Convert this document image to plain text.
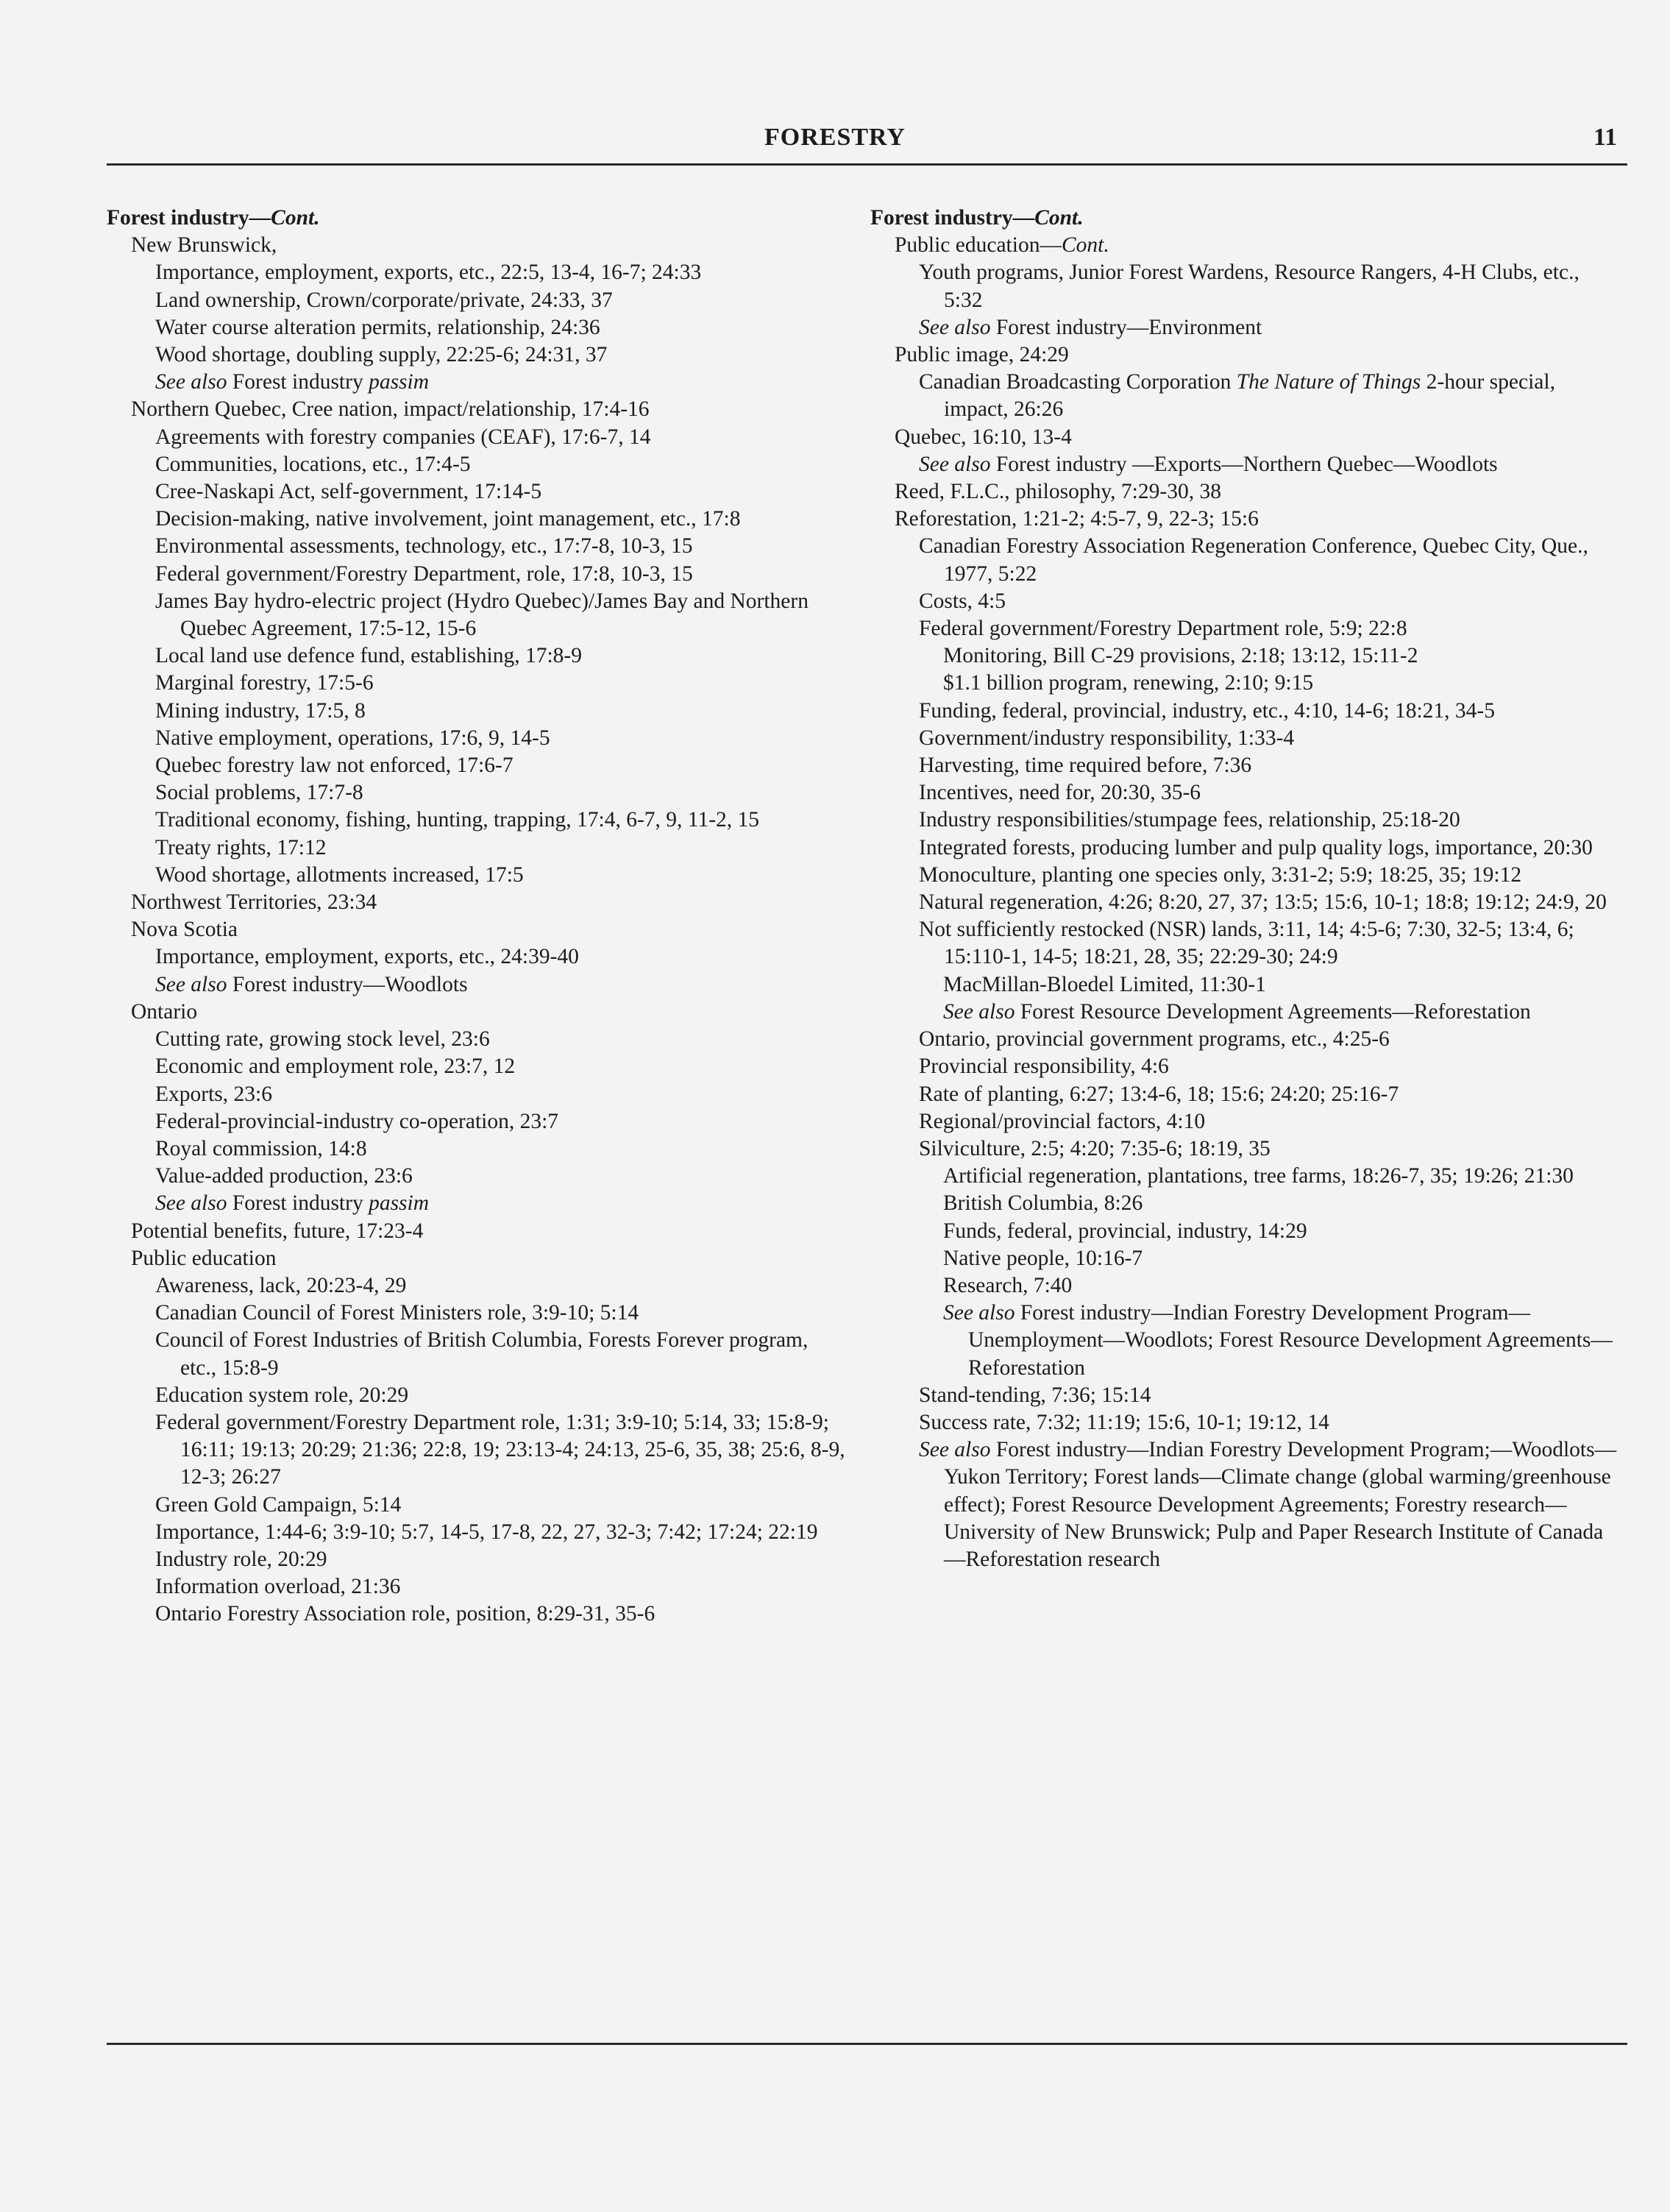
FORESTRY	11
Forest industry—Cont.
New Brunswick,
Importance, employment, exports, etc., 22:5, 13-4, 16-7; 24:33
Land ownership, Crown/corporate/private, 24:33, 37
Water course alteration permits, relationship, 24:36
Wood shortage, doubling supply, 22:25-6; 24:31, 37
See also Forest industry passim
Northern Quebec, Cree nation, impact/relationship, 17:4-16
Agreements with forestry companies (CEAF), 17:6-7, 14
Communities, locations, etc., 17:4-5
Cree-Naskapi Act, self-government, 17:14-5
Decision-making, native involvement, joint management, etc., 17:8
Environmental assessments, technology, etc., 17:7-8, 10-3, 15
Federal government/Forestry Department, role, 17:8, 10-3, 15
James Bay hydro-electric project (Hydro Quebec)/James Bay and Northern Quebec Agreement, 17:5-12, 15-6
Local land use defence fund, establishing, 17:8-9
Marginal forestry, 17:5-6
Mining industry, 17:5, 8
Native employment, operations, 17:6, 9, 14-5
Quebec forestry law not enforced, 17:6-7
Social problems, 17:7-8
Traditional economy, fishing, hunting, trapping, 17:4, 6-7, 9, 11-2, 15
Treaty rights, 17:12
Wood shortage, allotments increased, 17:5
Northwest Territories, 23:34
Nova Scotia
Importance, employment, exports, etc., 24:39-40
See also Forest industry—Woodlots
Ontario
Cutting rate, growing stock level, 23:6
Economic and employment role, 23:7, 12
Exports, 23:6
Federal-provincial-industry co-operation, 23:7
Royal commission, 14:8
Value-added production, 23:6
See also Forest industry passim
Potential benefits, future, 17:23-4
Public education
Awareness, lack, 20:23-4, 29
Canadian Council of Forest Ministers role, 3:9-10; 5:14
Council of Forest Industries of British Columbia, Forests Forever program, etc., 15:8-9
Education system role, 20:29
Federal government/Forestry Department role, 1:31; 3:9-10; 5:14, 33; 15:8-9; 16:11; 19:13; 20:29; 21:36; 22:8, 19; 23:13-4; 24:13, 25-6, 35, 38; 25:6, 8-9, 12-3; 26:27
Green Gold Campaign, 5:14
Importance, 1:44-6; 3:9-10; 5:7, 14-5, 17-8, 22, 27, 32-3; 7:42; 17:24; 22:19
Industry role, 20:29
Information overload, 21:36
Ontario Forestry Association role, position, 8:29-31, 35-6
Forest industry—Cont.
Public education—Cont.
Youth programs, Junior Forest Wardens, Resource Rangers, 4-H Clubs, etc., 5:32
See also Forest industry—Environment
Public image, 24:29
Canadian Broadcasting Corporation The Nature of Things 2-hour special, impact, 26:26
Quebec, 16:10, 13-4
See also Forest industry —Exports—Northern Quebec—Woodlots
Reed, F.L.C., philosophy, 7:29-30, 38
Reforestation, 1:21-2; 4:5-7, 9, 22-3; 15:6
Canadian Forestry Association Regeneration Conference, Quebec City, Que., 1977, 5:22
Costs, 4:5
Federal government/Forestry Department role, 5:9; 22:8
Monitoring, Bill C-29 provisions, 2:18; 13:12, 15:11-2
$1.1 billion program, renewing, 2:10; 9:15
Funding, federal, provincial, industry, etc., 4:10, 14-6; 18:21, 34-5
Government/industry responsibility, 1:33-4
Harvesting, time required before, 7:36
Incentives, need for, 20:30, 35-6
Industry responsibilities/stumpage fees, relationship, 25:18-20
Integrated forests, producing lumber and pulp quality logs, importance, 20:30
Monoculture, planting one species only, 3:31-2; 5:9; 18:25, 35; 19:12
Natural regeneration, 4:26; 8:20, 27, 37; 13:5; 15:6, 10-1; 18:8; 19:12; 24:9, 20
Not sufficiently restocked (NSR) lands, 3:11, 14; 4:5-6; 7:30, 32-5; 13:4, 6; 15:110-1, 14-5; 18:21, 28, 35; 22:29-30; 24:9
MacMillan-Bloedel Limited, 11:30-1
See also Forest Resource Development Agreements—Reforestation
Ontario, provincial government programs, etc., 4:25-6
Provincial responsibility, 4:6
Rate of planting, 6:27; 13:4-6, 18; 15:6; 24:20; 25:16-7
Regional/provincial factors, 4:10
Silviculture, 2:5; 4:20; 7:35-6; 18:19, 35
Artificial regeneration, plantations, tree farms, 18:26-7, 35; 19:26; 21:30
British Columbia, 8:26
Funds, federal, provincial, industry, 14:29
Native people, 10:16-7
Research, 7:40
See also Forest industry—Indian Forestry Development Program—Unemployment—Woodlots; Forest Resource Development Agreements—Reforestation
Stand-tending, 7:36; 15:14
Success rate, 7:32; 11:19; 15:6, 10-1; 19:12, 14
See also Forest industry—Indian Forestry Development Program;—Woodlots—Yukon Territory; Forest lands—Climate change (global warming/greenhouse effect); Forest Resource Development Agreements; Forestry research—University of New Brunswick; Pulp and Paper Research Institute of Canada—Reforestation research
